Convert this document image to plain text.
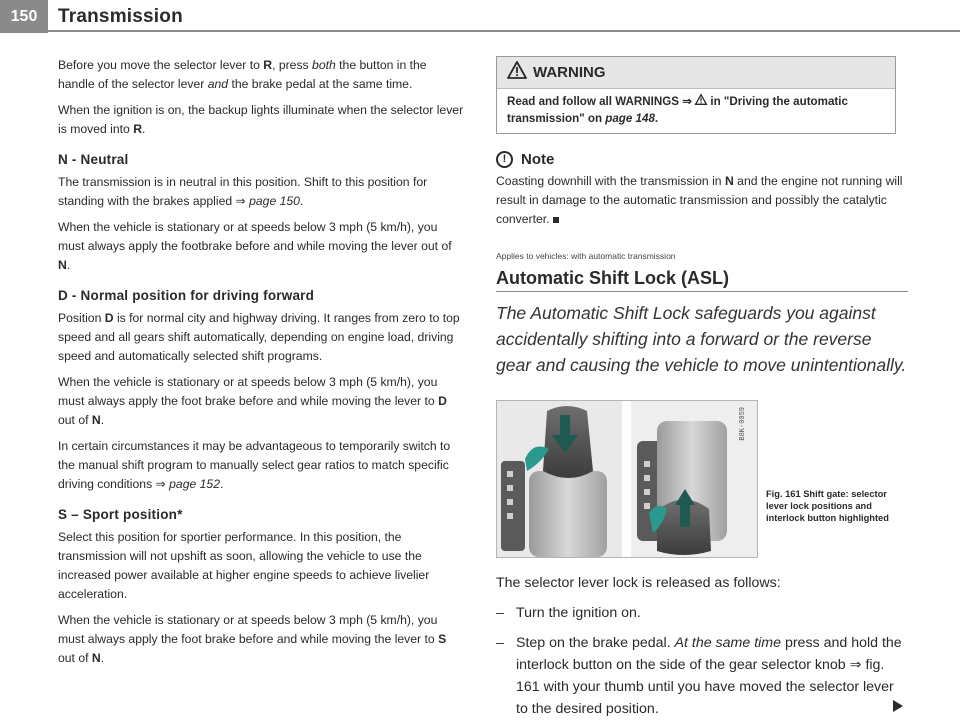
150	Transmission

Before you move the selector lever to R, press both the button in the handle of the selector lever and the brake pedal at the same time.

When the ignition is on, the backup lights illuminate when the selector lever is moved into R.

N - Neutral

The transmission is in neutral in this position. Shift to this position for standing with the brakes applied ⇒ page 150.

When the vehicle is stationary or at speeds below 3 mph (5 km/h), you must always apply the footbrake before and while moving the lever out of N.

D - Normal position for driving forward

Position D is for normal city and highway driving. It ranges from zero to top speed and all gears shift automatically, depending on engine load, driving speed and automatically selected shift programs.

When the vehicle is stationary or at speeds below 3 mph (5 km/h), you must always apply the foot brake before and while moving the lever to D out of N.

In certain circumstances it may be advantageous to temporarily switch to the manual shift program to manually select gear ratios to match specific driving conditions ⇒ page 152.

S – Sport position*

Select this position for sportier performance. In this position, the transmission will not upshift as soon, allowing the vehicle to use the increased power available at higher engine speeds to achieve livelier acceleration.

When the vehicle is stationary or at speeds below 3 mph (5 km/h), you must always apply the foot brake before and while moving the lever to S out of N.

WARNING
Read and follow all WARNINGS ⇒  in "Driving the automatic transmission" on page 148.
! Note
Coasting downhill with the transmission in N and the engine not running will result in damage to the automatic transmission and possibly the catalytic converter.
Applies to vehicles: with automatic transmission
Automatic Shift Lock (ASL)
The Automatic Shift Lock safeguards you against accidentally shifting into a forward or the reverse gear and causing the vehicle to move unintentionally.
B8K-0059
Fig. 161 Shift gate: selector lever lock positions and interlock button highlighted
The selector lever lock is released as follows:
– Turn the ignition on.
– Step on the brake pedal. At the same time press and hold the interlock button on the side of the gear selector knob ⇒ fig. 161 with your thumb until you have moved the selector lever to the desired position.
